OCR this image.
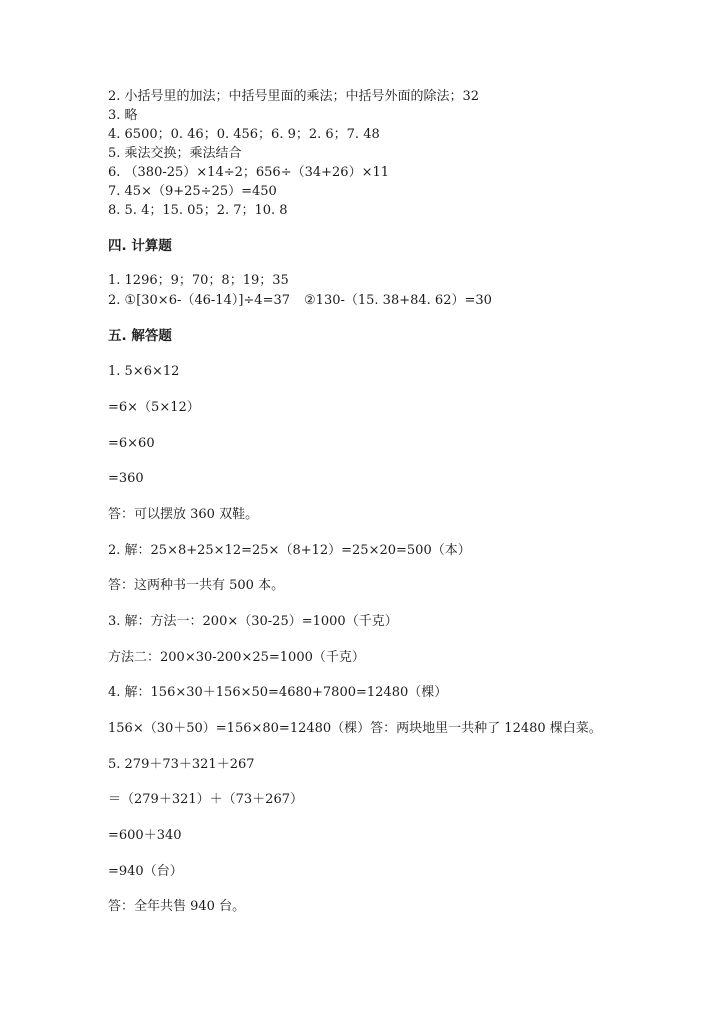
2. 小括号里的加法；中括号里面的乘法；中括号外面的除法；32
3. 略
4. 6500；0. 46；0. 456；6. 9；2. 6；7. 48
5. 乘法交换；乘法结合
6. （380-25）×14÷2；656÷（34+26）×11
7. 45×（9+25÷25）=450
8. 5. 4；15. 05；2. 7；10. 8
四. 计算题
1. 1296；9；70；8；19；35
2. ①[30×6-（46-14）]÷4=37 ②130-（15. 38+84. 62）=30
五. 解答题
1. 5×6×12
=6×（5×12）
=6×60
=360
答：可以摆放 360 双鞋。
2. 解：25×8+25×12=25×（8+12）=25×20=500（本）
答：这两种书一共有 500 本。
3. 解：方法一：200×（30-25）=1000（千克）
方法二：200×30-200×25=1000（千克）
4. 解：156×30＋156×50=4680+7800=12480（棵）
156×（30＋50）=156×80=12480（棵）答：两块地里一共种了 12480 棵白菜。
5. 279＋73＋321＋267
＝（279＋321）＋（73＋267）
=600＋340
=940（台）
答：全年共售 940 台。
